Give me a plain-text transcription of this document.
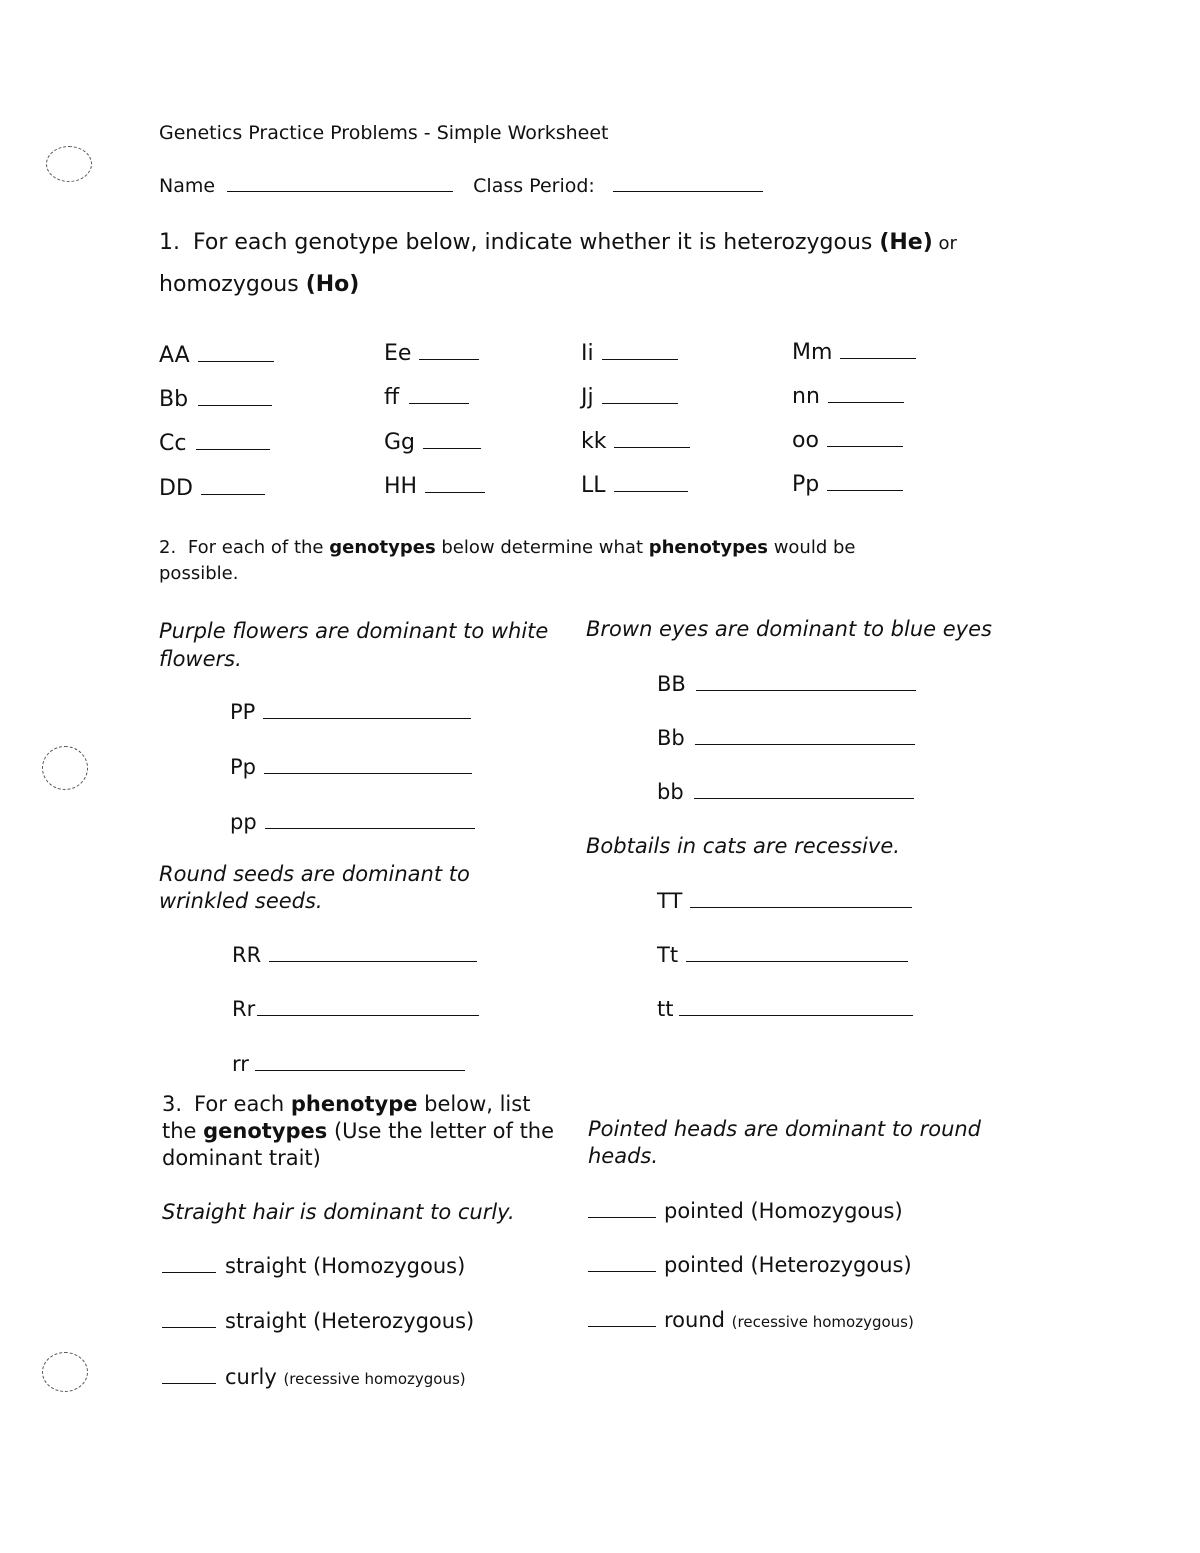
Genetics Practice Problems - Simple Worksheet
Name	Class Period:
1. For each genotype below, indicate whether it is heterozygous (He) or
homozygous (Ho)
AA
Bb
Cc
DD
Ee
ff
Gg
HH
Ii
Jj
kk
LL
Mm
nn
oo
Pp
2. For each of the genotypes below determine what phenotypes would be
possible.
Purple flowers are dominant to white
flowers.
PP
Pp
pp
Brown eyes are dominant to blue eyes
BB
Bb
bb
Bobtails in cats are recessive.
Round seeds are dominant to
wrinkled seeds.	TT
Tt
tt
RR
Rr
rr
3. For each phenotype below, list
the genotypes (Use the letter of the
dominant trait)
Pointed heads are dominant to round
heads.
Straight hair is dominant to curly.
straight (Homozygous)
straight (Heterozygous)
curly (recessive homozygous)
pointed (Homozygous)
pointed (Heterozygous)
round (recessive homozygous)
